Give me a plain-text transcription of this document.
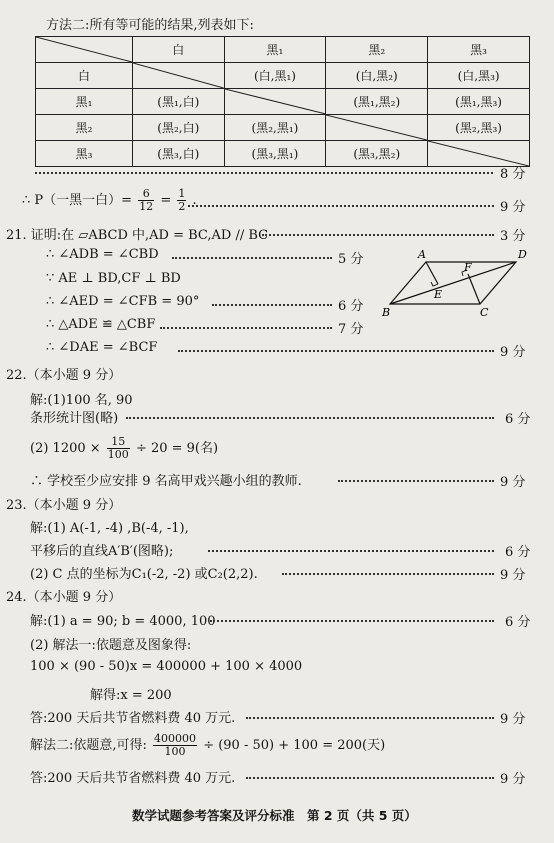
方法二:所有等可能的结果,列表如下:
	白	黑₁	黑₂	黑₃
白		(白,黑₁)	(白,黑₂)	(白,黑₃)
黑₁	(黑₁,白)		(黑₁,黑₂)	(黑₁,黑₃)
黑₂	(黑₂,白)	(黑₂,黑₁)		(黑₂,黑₃)
黑₃	(黑₃,白)	(黑₃,黑₁)	(黑₃,黑₂)	
8 分
∴ P（一黑一白）= $\frac{6}{12} = \frac{1}{2}$ .	9 分
21. 证明:在 ▱ABCD 中,AD = BC,AD // BC	3 分
∴ ∠ADB = ∠CBD	5 分
∵ AE ⊥ BD,CF ⊥ BD
∴ ∠AED = ∠CFB = 90°	6 分
∴ △ADE ≌ △CBF	7 分
∴ ∠DAE = ∠BCF	9 分
A	D
B	C
E
F
22.（本小题 9 分）
解:(1)100 名, 90
条形统计图(略)	6 分
(2) $1200 \times \frac{15}{100} \div 20 = 9$(名)
∴ 学校至少应安排 9 名高甲戏兴趣小组的教师.	9 分
23.（本小题 9 分）
解:(1) A(-1, -4) ,B(-4, -1),
平移后的直线A′B′(图略);	6 分
(2) C 点的坐标为C₁(-2, -2) 或C₂(2,2).	9 分
24.（本小题 9 分）
解:(1) a = 90; b = 4000, 100	6 分
(2) 解法一:依题意及图象得:
100 × (90 - 50)x = 400000 + 100 × 4000
解得:x = 200
答:200 天后共节省燃料费 40 万元.	9 分
解法二:依题意,可得: $\frac{400000}{100} \div (90 - 50) + 100 = 200$(天)
答:200 天后共节省燃料费 40 万元.	9 分
数学试题参考答案及评分标准　第 2 页（共 5 页）
